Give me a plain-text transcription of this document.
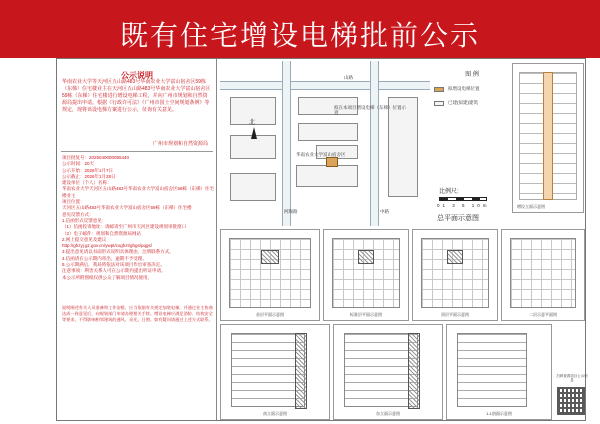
既有住宅增设电梯批前公示
公示说明
华南农业大学等天河区五山路483号华南农业大学富山宿舍区59栋（东梯）住宅楼业主在天河区五山路483号华南农业大学富山宿舍区59栋（东梯）住宅楼进行增设电梯工程，并向广州市规划和自然资源局提出申请。根据《行政许可法》《广州市国土空间规划条例》等规定，现将该设电梯方案进行公示，征询有关意见。
广州市规划和自然资源局
项目批复号：2025040000055440
公示时间：20天
公示开始：2026年1月7日
公示截止：2026年1月28日
建设单位（个人）名称：
华南农业大学天河区五山路483号华南农业大学富山宿舍区59栋（东梯）住宅楼业主
项目位置：
天河区五山路483号华南农业大学富山宿舍区59栋（东梯）住宅楼
意见反馈方式：
1.信函形式反馈意见：
（1）信函投寄地址：请邮寄至广州市天河区建设规划审批窗口
（2）电子邮件：规划和自然资源局网站
2.网上提交意见及建议
http://ghzyj.gz.gov.cn/ywpt/cxghzt/ghgs/pqgs/
3.提出意见请以书面形式说明具体理由，注明联系方式。
4.信函请在公示期内寄出，逾期不予受理。
5.公示期满后，我局将依法对该项目作出审查决定。
注意事项：利害关系人可在公示期内提出听证申请。
本公示所附图纸仅供公众了解项目情况使用。
说明阐述有关人员准备和工作安排，应当依据有关规定加装电梯，并通过业主协商达成一致意见后，向规划部门申请办理相关手续。增设电梯应满足消防、结构安全等要求，不得影响相邻建筑的通风、采光、日照。如有疑问请通过上述方式联系。
山路
华南农业大学富山宿舍区
拟在本项目增设电梯（东梯）位置示意
阿陶路	中路
北
图 例
拟增设电梯位置
已建(拟建)建筑
比例尺:
01 3 5 10m
总平面示意图
增设立面示意图
首层平面示意图	标准层平面示意图	顶层平面示意图	二层示意平面图
南立面示意图	东立面示意图	1-1剖面示意图
扫码查看项目公示信息
